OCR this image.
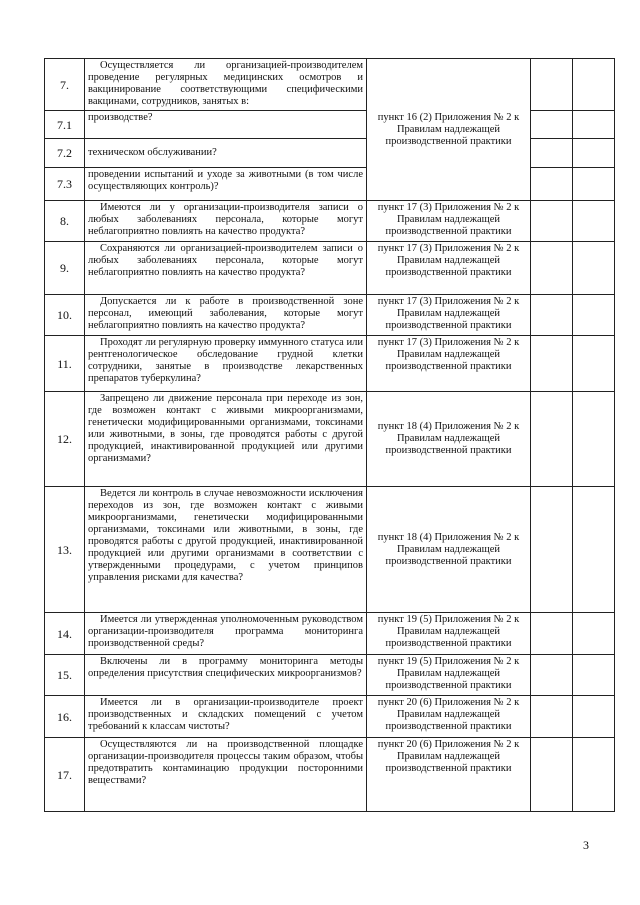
7.	Осуществляется ли организацией-производителем проведение регулярных медицинских осмотров и вакцинирование соответствующими специфическими вакцинами, сотрудников, занятых в:	пункт 16 (2) Приложения № 2 к Правилам надлежащей производственной практики		
7.1	производстве?			
7.2	техническом обслуживании?			
7.3	проведении испытаний и уходе за животными (в том числе осуществляющих контроль)?			
8.	Имеются ли у организации-производителя записи о любых заболеваниях персонала, которые могут неблагоприятно повлиять на качество продукта?	пункт 17 (3) Приложения № 2 к Правилам надлежащей производственной практики		
9.	Сохраняются ли организацией-производителем записи о любых заболеваниях персонала, которые могут неблагоприятно повлиять на качество продукта?	пункт 17 (3) Приложения № 2 к Правилам надлежащей производственной практики		
10.	Допускается ли к работе в производственной зоне персонал, имеющий заболевания, которые могут неблагоприятно повлиять на качество продукта?	пункт 17 (3) Приложения № 2 к Правилам надлежащей производственной практики		
11.	Проходят ли регулярную проверку иммунного статуса или рентгенологическое обследование грудной клетки сотрудники, занятые в производстве лекарственных препаратов туберкулина?	пункт 17 (3) Приложения № 2 к Правилам надлежащей производственной практики		
12.	Запрещено ли движение персонала при переходе из зон, где возможен контакт с живыми микроорганизмами, генетически модифицированными организмами, токсинами или животными, в зоны, где проводятся работы с другой продукцией, инактивированной продукцией или другими организмами?	пункт 18 (4) Приложения № 2 к Правилам надлежащей производственной практики		
13.	Ведется ли контроль в случае невозможности исключения переходов из зон, где возможен контакт с живыми микроорганизмами, генетически модифицированными организмами, токсинами или животными, в зоны, где проводятся работы с другой продукцией, инактивированной продукцией или другими организмами в соответствии с утвержденными процедурами, с учетом принципов управления рисками для качества?	пункт 18 (4) Приложения № 2 к Правилам надлежащей производственной практики		
14.	Имеется ли утвержденная уполномоченным руководством организации-производителя программа мониторинга производственной среды?	пункт 19 (5) Приложения № 2 к Правилам надлежащей производственной практики		
15.	Включены ли в программу мониторинга методы определения присутствия специфических микроорганизмов?	пункт 19 (5) Приложения № 2 к Правилам надлежащей производственной практики		
16.	Имеется ли в организации-производителе проект производственных и складских помещений с учетом требований к классам чистоты?	пункт 20 (6) Приложения № 2 к Правилам надлежащей производственной практики		
17.	Осуществляются ли на производственной площадке организации-производителя процессы таким образом, чтобы предотвратить контаминацию продукции посторонними веществами?	пункт 20 (6) Приложения № 2 к Правилам надлежащей производственной практики		
3
